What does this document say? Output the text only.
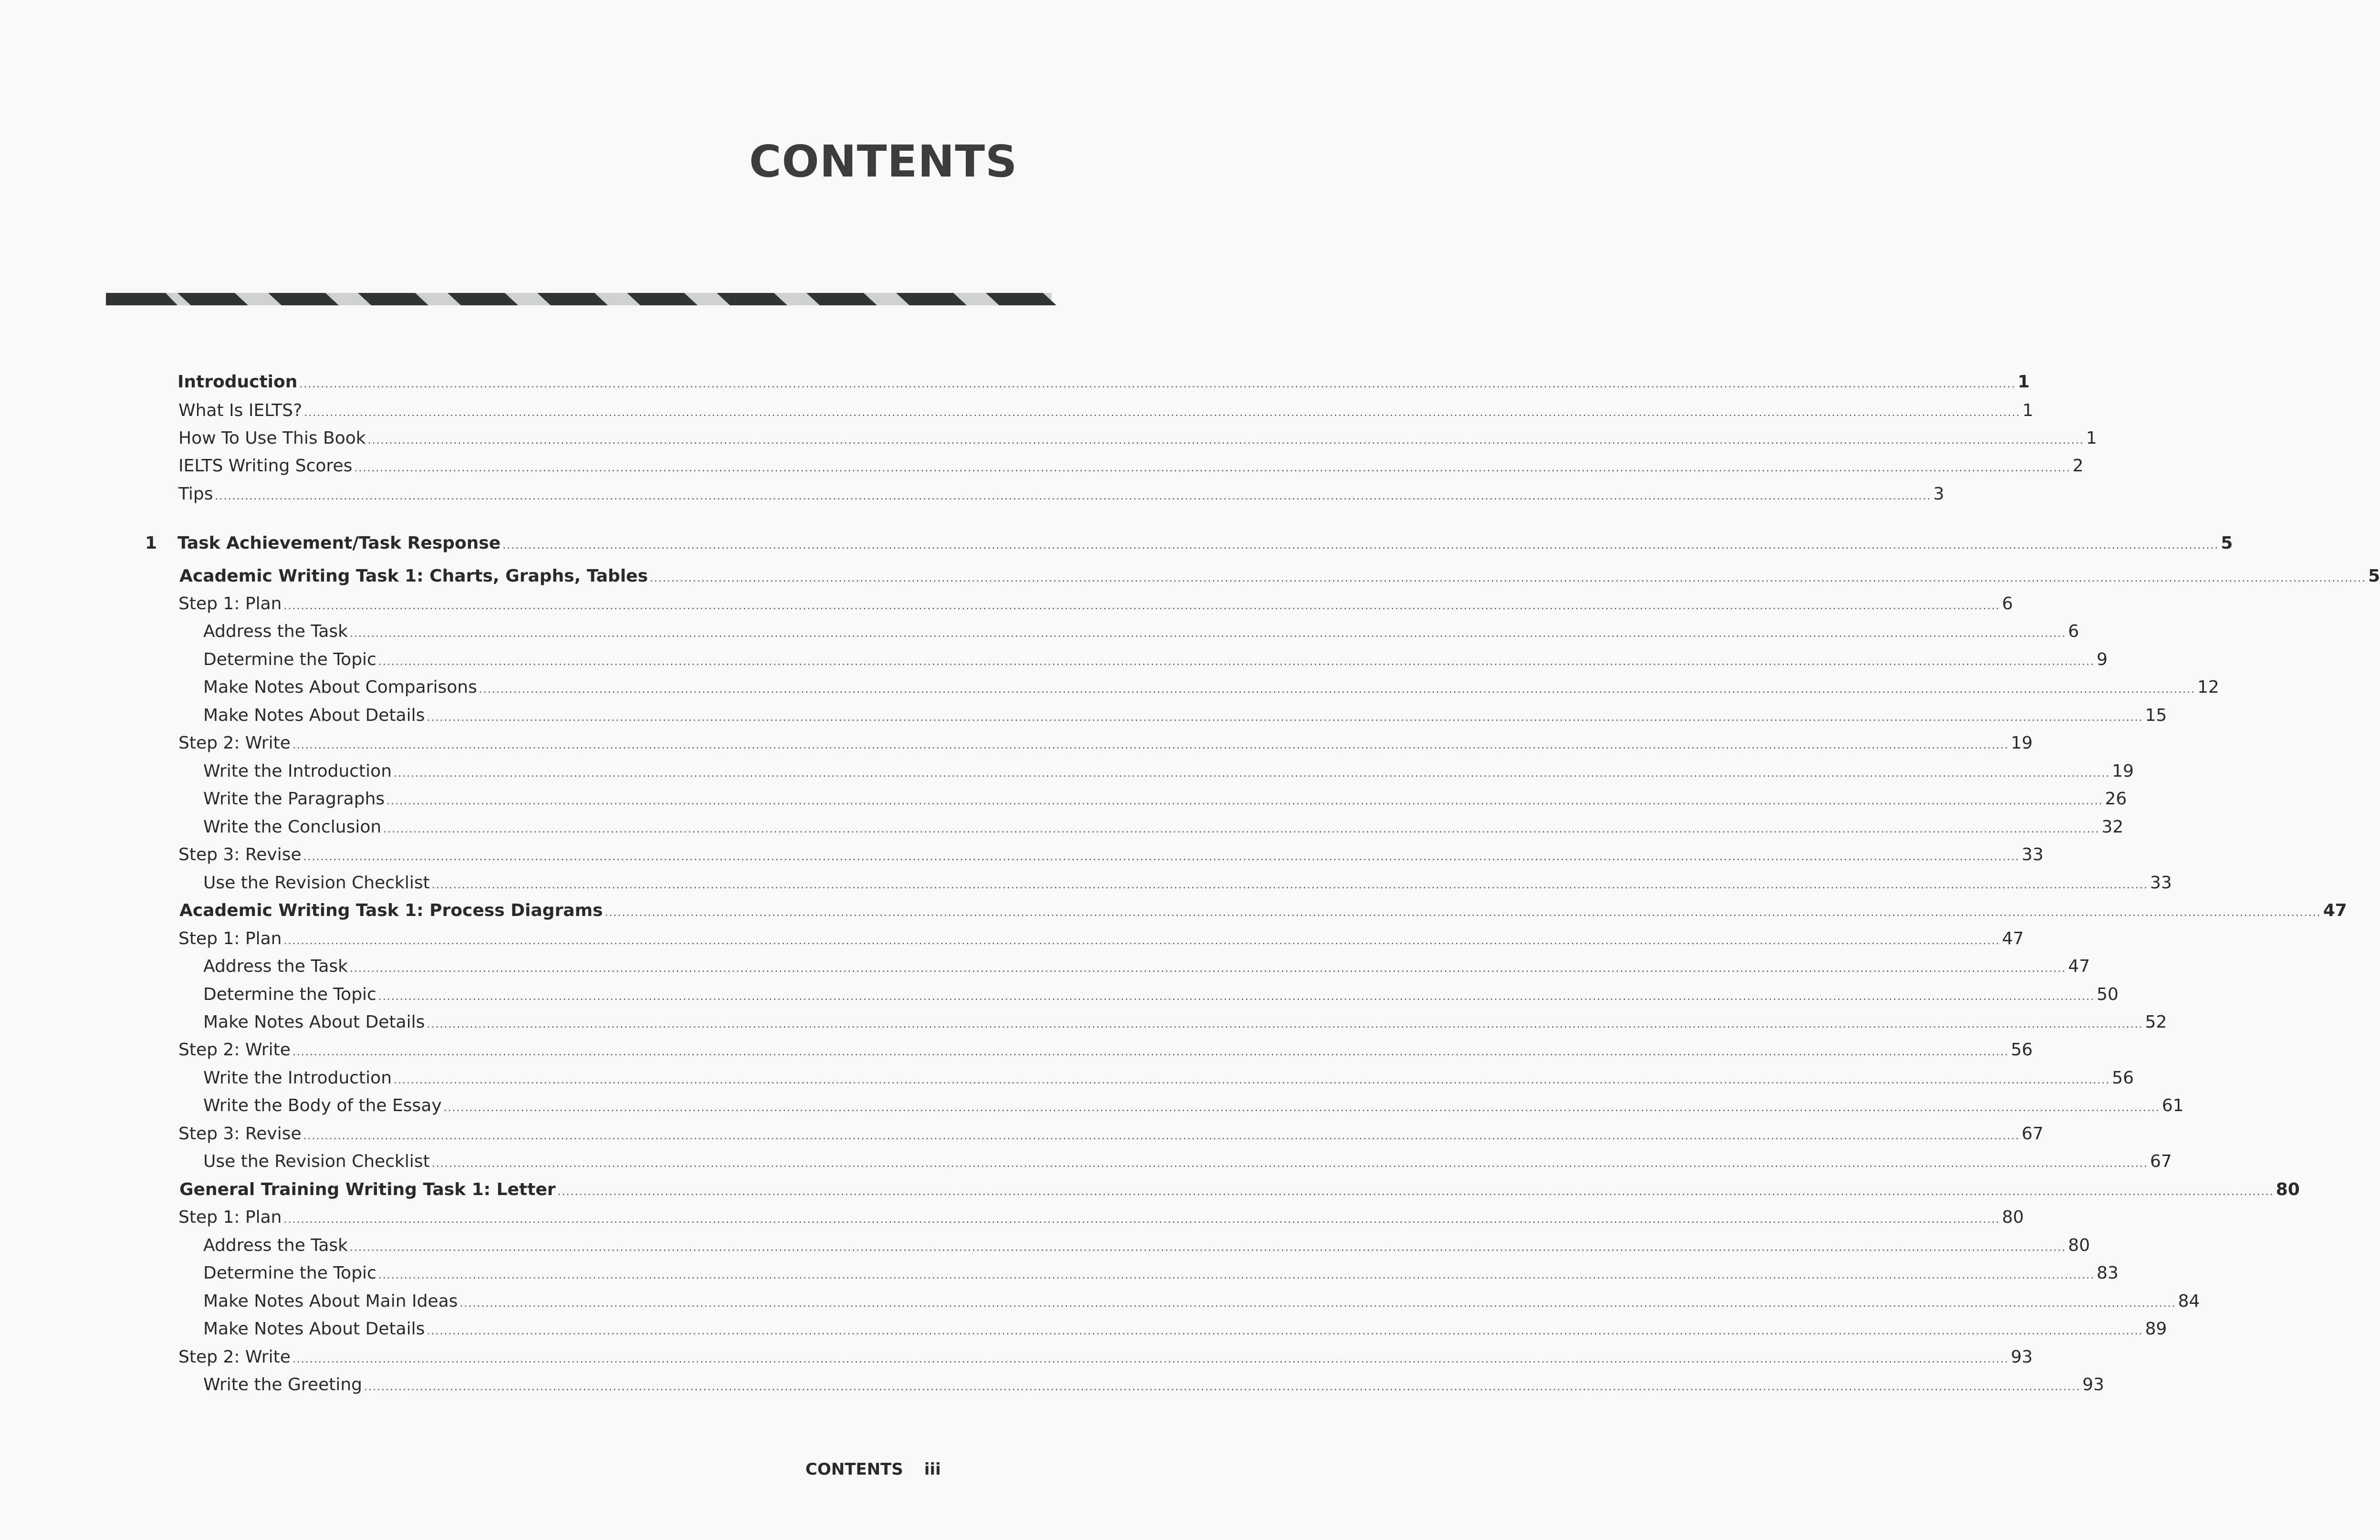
CONTENTS
Introduction ................................................................................................................................................................................................................................................................................................................................................................................................................ 1
What Is IELTS? ................................................................................................................................................................................................................................................................................................................................................................................................................ 1
How To Use This Book ................................................................................................................................................................................................................................................................................................................................................................................................................ 1
IELTS Writing Scores ................................................................................................................................................................................................................................................................................................................................................................................................................ 2
Tips ................................................................................................................................................................................................................................................................................................................................................................................................................ 3
1 Task Achievement/Task Response ................................................................................................................................................................................................................................................................................................................................................................................................................ 5
Academic Writing Task 1: Charts, Graphs, Tables ................................................................................................................................................................................................................................................................................................................................................................................................................ 5
Step 1: Plan ................................................................................................................................................................................................................................................................................................................................................................................................................ 6
Address the Task ................................................................................................................................................................................................................................................................................................................................................................................................................ 6
Determine the Topic ................................................................................................................................................................................................................................................................................................................................................................................................................ 9
Make Notes About Comparisons ................................................................................................................................................................................................................................................................................................................................................................................................................ 12
Make Notes About Details ................................................................................................................................................................................................................................................................................................................................................................................................................ 15
Step 2: Write ................................................................................................................................................................................................................................................................................................................................................................................................................ 19
Write the Introduction ................................................................................................................................................................................................................................................................................................................................................................................................................ 19
Write the Paragraphs ................................................................................................................................................................................................................................................................................................................................................................................................................ 26
Write the Conclusion ................................................................................................................................................................................................................................................................................................................................................................................................................ 32
Step 3: Revise ................................................................................................................................................................................................................................................................................................................................................................................................................ 33
Use the Revision Checklist ................................................................................................................................................................................................................................................................................................................................................................................................................ 33
Academic Writing Task 1: Process Diagrams ................................................................................................................................................................................................................................................................................................................................................................................................................ 47
Step 1: Plan ................................................................................................................................................................................................................................................................................................................................................................................................................ 47
Address the Task ................................................................................................................................................................................................................................................................................................................................................................................................................ 47
Determine the Topic ................................................................................................................................................................................................................................................................................................................................................................................................................ 50
Make Notes About Details ................................................................................................................................................................................................................................................................................................................................................................................................................ 52
Step 2: Write ................................................................................................................................................................................................................................................................................................................................................................................................................ 56
Write the Introduction ................................................................................................................................................................................................................................................................................................................................................................................................................ 56
Write the Body of the Essay ................................................................................................................................................................................................................................................................................................................................................................................................................ 61
Step 3: Revise ................................................................................................................................................................................................................................................................................................................................................................................................................ 67
Use the Revision Checklist ................................................................................................................................................................................................................................................................................................................................................................................................................ 67
General Training Writing Task 1: Letter ................................................................................................................................................................................................................................................................................................................................................................................................................ 80
Step 1: Plan ................................................................................................................................................................................................................................................................................................................................................................................................................ 80
Address the Task ................................................................................................................................................................................................................................................................................................................................................................................................................ 80
Determine the Topic ................................................................................................................................................................................................................................................................................................................................................................................................................ 83
Make Notes About Main Ideas ................................................................................................................................................................................................................................................................................................................................................................................................................ 84
Make Notes About Details ................................................................................................................................................................................................................................................................................................................................................................................................................ 89
Step 2: Write ................................................................................................................................................................................................................................................................................................................................................................................................................ 93
Write the Greeting ................................................................................................................................................................................................................................................................................................................................................................................................................ 93
CONTENTS iii
